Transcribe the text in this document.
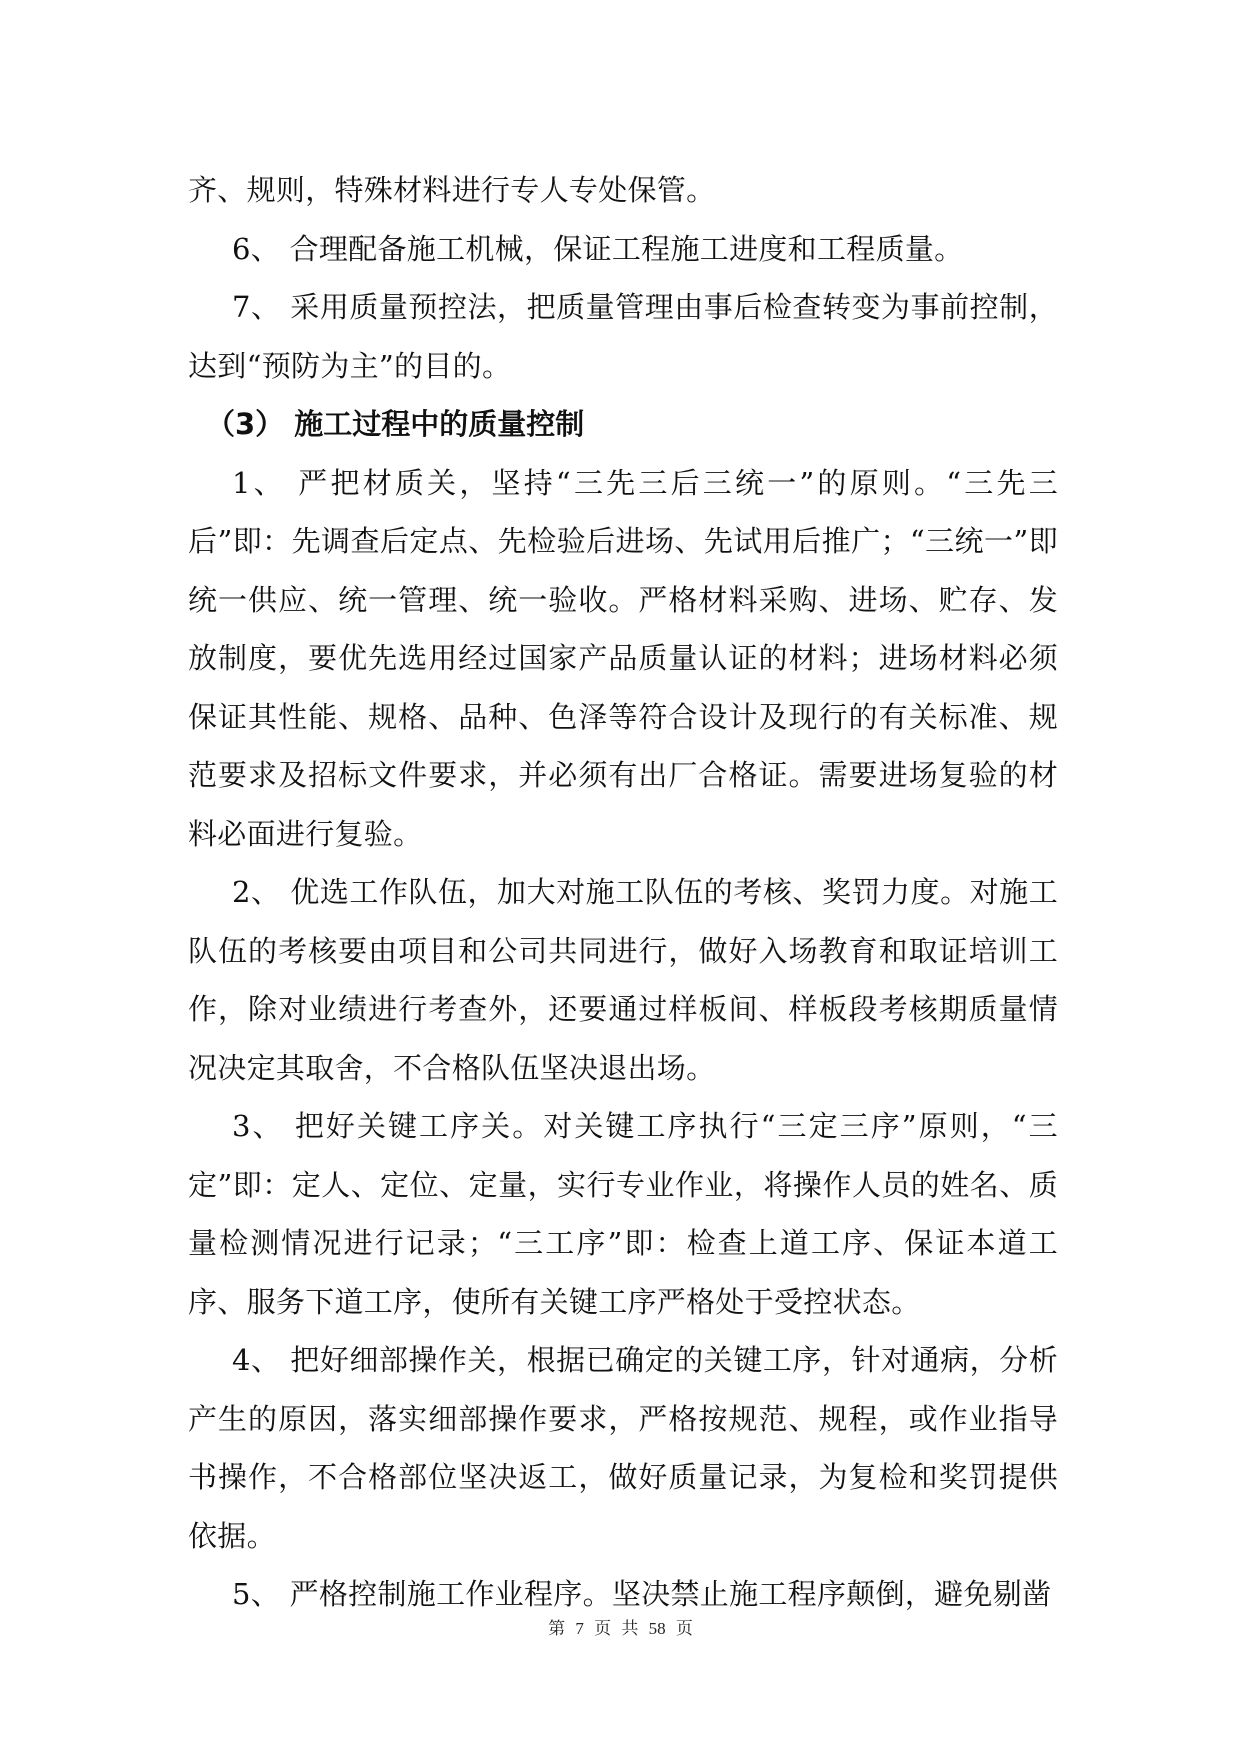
齐、规则，特殊材料进行专人专处保管。

6、 合理配备施工机械，保证工程施工进度和工程质量。

7、 采用质量预控法，把质量管理由事后检查转变为事前控制，达到“预防为主”的目的。

（3） 施工过程中的质量控制

1、 严把材质关，坚持“三先三后三统一”的原则。“三先三后”即：先调查后定点、先检验后进场、先试用后推广；“三统一”即统一供应、统一管理、统一验收。严格材料采购、进场、贮存、发放制度，要优先选用经过国家产品质量认证的材料；进场材料必须保证其性能、规格、品种、色泽等符合设计及现行的有关标准、规范要求及招标文件要求，并必须有出厂合格证。需要进场复验的材料必面进行复验。

2、 优选工作队伍，加大对施工队伍的考核、奖罚力度。对施工队伍的考核要由项目和公司共同进行，做好入场教育和取证培训工作，除对业绩进行考查外，还要通过样板间、样板段考核期质量情况决定其取舍，不合格队伍坚决退出场。

3、 把好关键工序关。对关键工序执行“三定三序”原则，“三定”即：定人、定位、定量，实行专业作业，将操作人员的姓名、质量检测情况进行记录；“三工序”即：检查上道工序、保证本道工序、服务下道工序，使所有关键工序严格处于受控状态。

4、 把好细部操作关，根据已确定的关键工序，针对通病，分析产生的原因，落实细部操作要求，严格按规范、规程，或作业指导书操作，不合格部位坚决返工，做好质量记录，为复检和奖罚提供依据。

5、 严格控制施工作业程序。坚决禁止施工程序颠倒，避免剔凿

第 7 页 共 58 页
